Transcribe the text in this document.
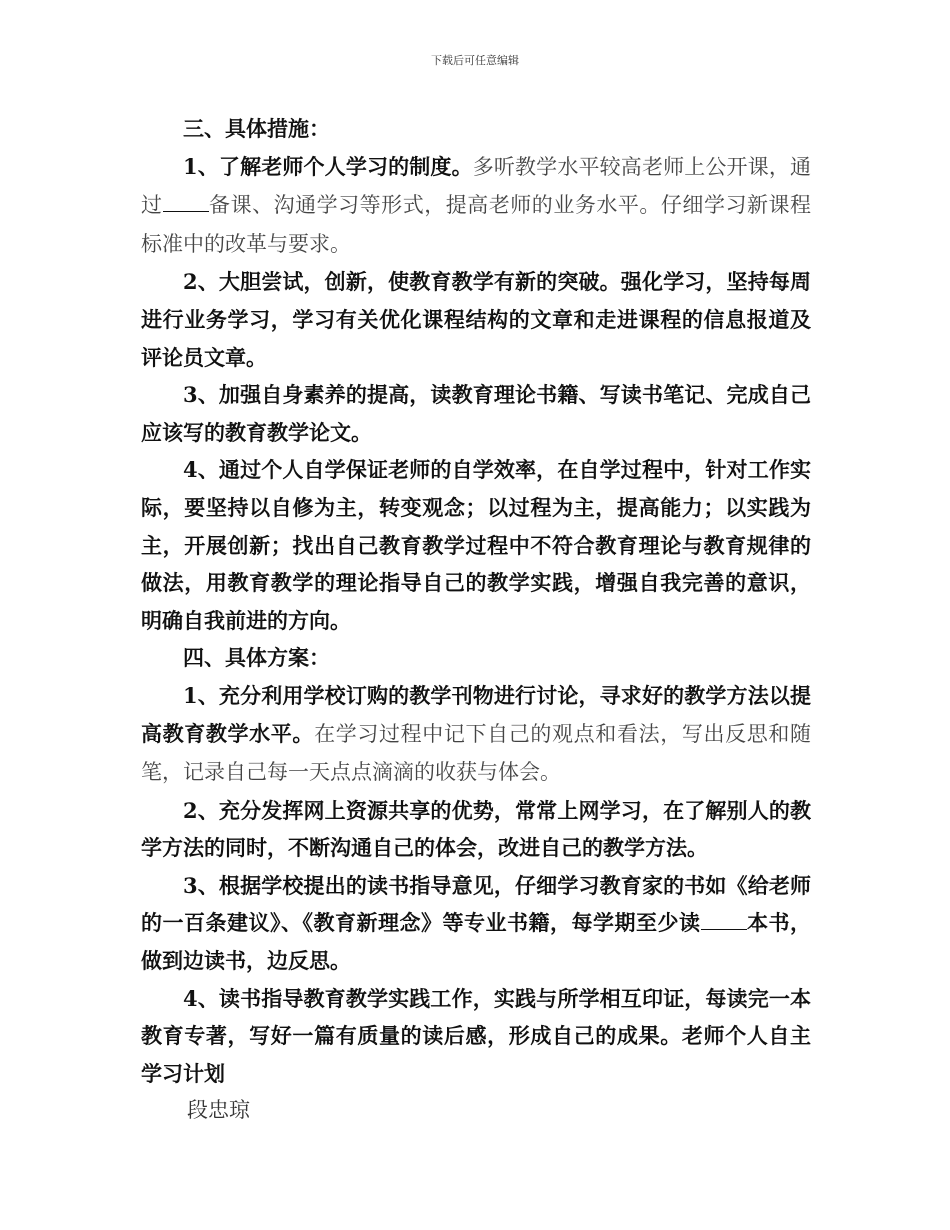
下载后可任意编辑

三、具体措施：

1、了解老师个人学习的制度。多听教学水平较高老师上公开课，通过 备课、沟通学习等形式，提高老师的业务水平。仔细学习新课程标准中的改革与要求。

2、大胆尝试，创新，使教育教学有新的突破。强化学习，坚持每周进行业务学习，学习有关优化课程结构的文章和走进课程的信息报道及评论员文章。

3、加强自身素养的提高，读教育理论书籍、写读书笔记、完成自己应该写的教育教学论文。

4、通过个人自学保证老师的自学效率，在自学过程中，针对工作实际，要坚持以自修为主，转变观念；以过程为主，提高能力；以实践为主，开展创新；找出自己教育教学过程中不符合教育理论与教育规律的做法，用教育教学的理论指导自己的教学实践，增强自我完善的意识，明确自我前进的方向。

四、具体方案：

1、充分利用学校订购的教学刊物进行讨论，寻求好的教学方法以提高教育教学水平。在学习过程中记下自己的观点和看法，写出反思和随笔，记录自己每一天点点滴滴的收获与体会。

2、充分发挥网上资源共享的优势，常常上网学习，在了解别人的教学方法的同时，不断沟通自己的体会，改进自己的教学方法。

3、根据学校提出的读书指导意见，仔细学习教育家的书如《给老师的一百条建议》、《教育新理念》等专业书籍，每学期至少读 本书，做到边读书，边反思。

4、读书指导教育教学实践工作，实践与所学相互印证，每读完一本教育专著，写好一篇有质量的读后感，形成自己的成果。老师个人自主学习计划

段忠琼
